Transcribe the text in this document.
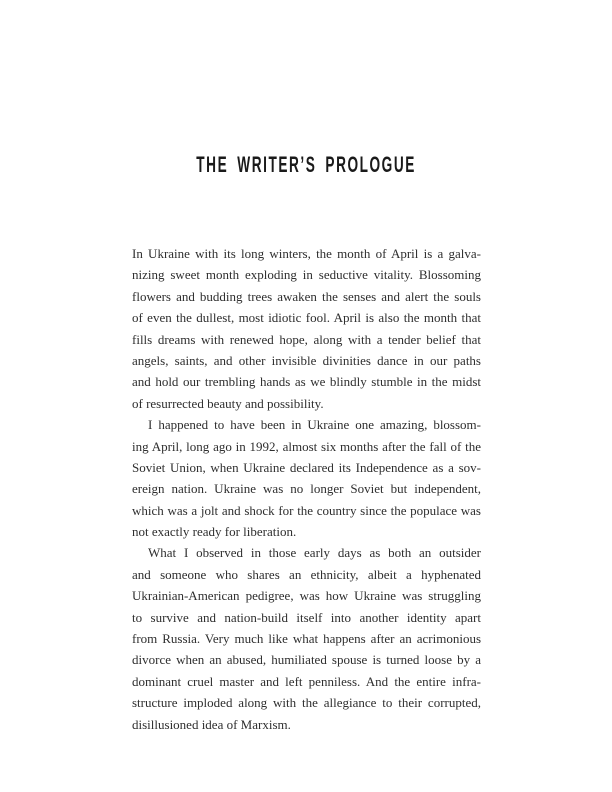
THE WRITER’S PROLOGUE
In Ukraine with its long winters, the month of April is a galva-
nizing sweet month exploding in seductive vitality. Blossoming
flowers and budding trees awaken the senses and alert the souls
of even the dullest, most idiotic fool. April is also the month that
fills dreams with renewed hope, along with a tender belief that
angels, saints, and other invisible divinities dance in our paths
and hold our trembling hands as we blindly stumble in the midst
of resurrected beauty and possibility.
I happened to have been in Ukraine one amazing, blossom-
ing April, long ago in 1992, almost six months after the fall of the
Soviet Union, when Ukraine declared its Independence as a sov-
ereign nation. Ukraine was no longer Soviet but independent,
which was a jolt and shock for the country since the populace was
not exactly ready for liberation.
What I observed in those early days as both an outsider
and someone who shares an ethnicity, albeit a hyphenated
Ukrainian-American pedigree, was how Ukraine was struggling
to survive and nation-build itself into another identity apart
from Russia. Very much like what happens after an acrimonious
divorce when an abused, humiliated spouse is turned loose by a
dominant cruel master and left penniless. And the entire infra-
structure imploded along with the allegiance to their corrupted,
disillusioned idea of Marxism.
